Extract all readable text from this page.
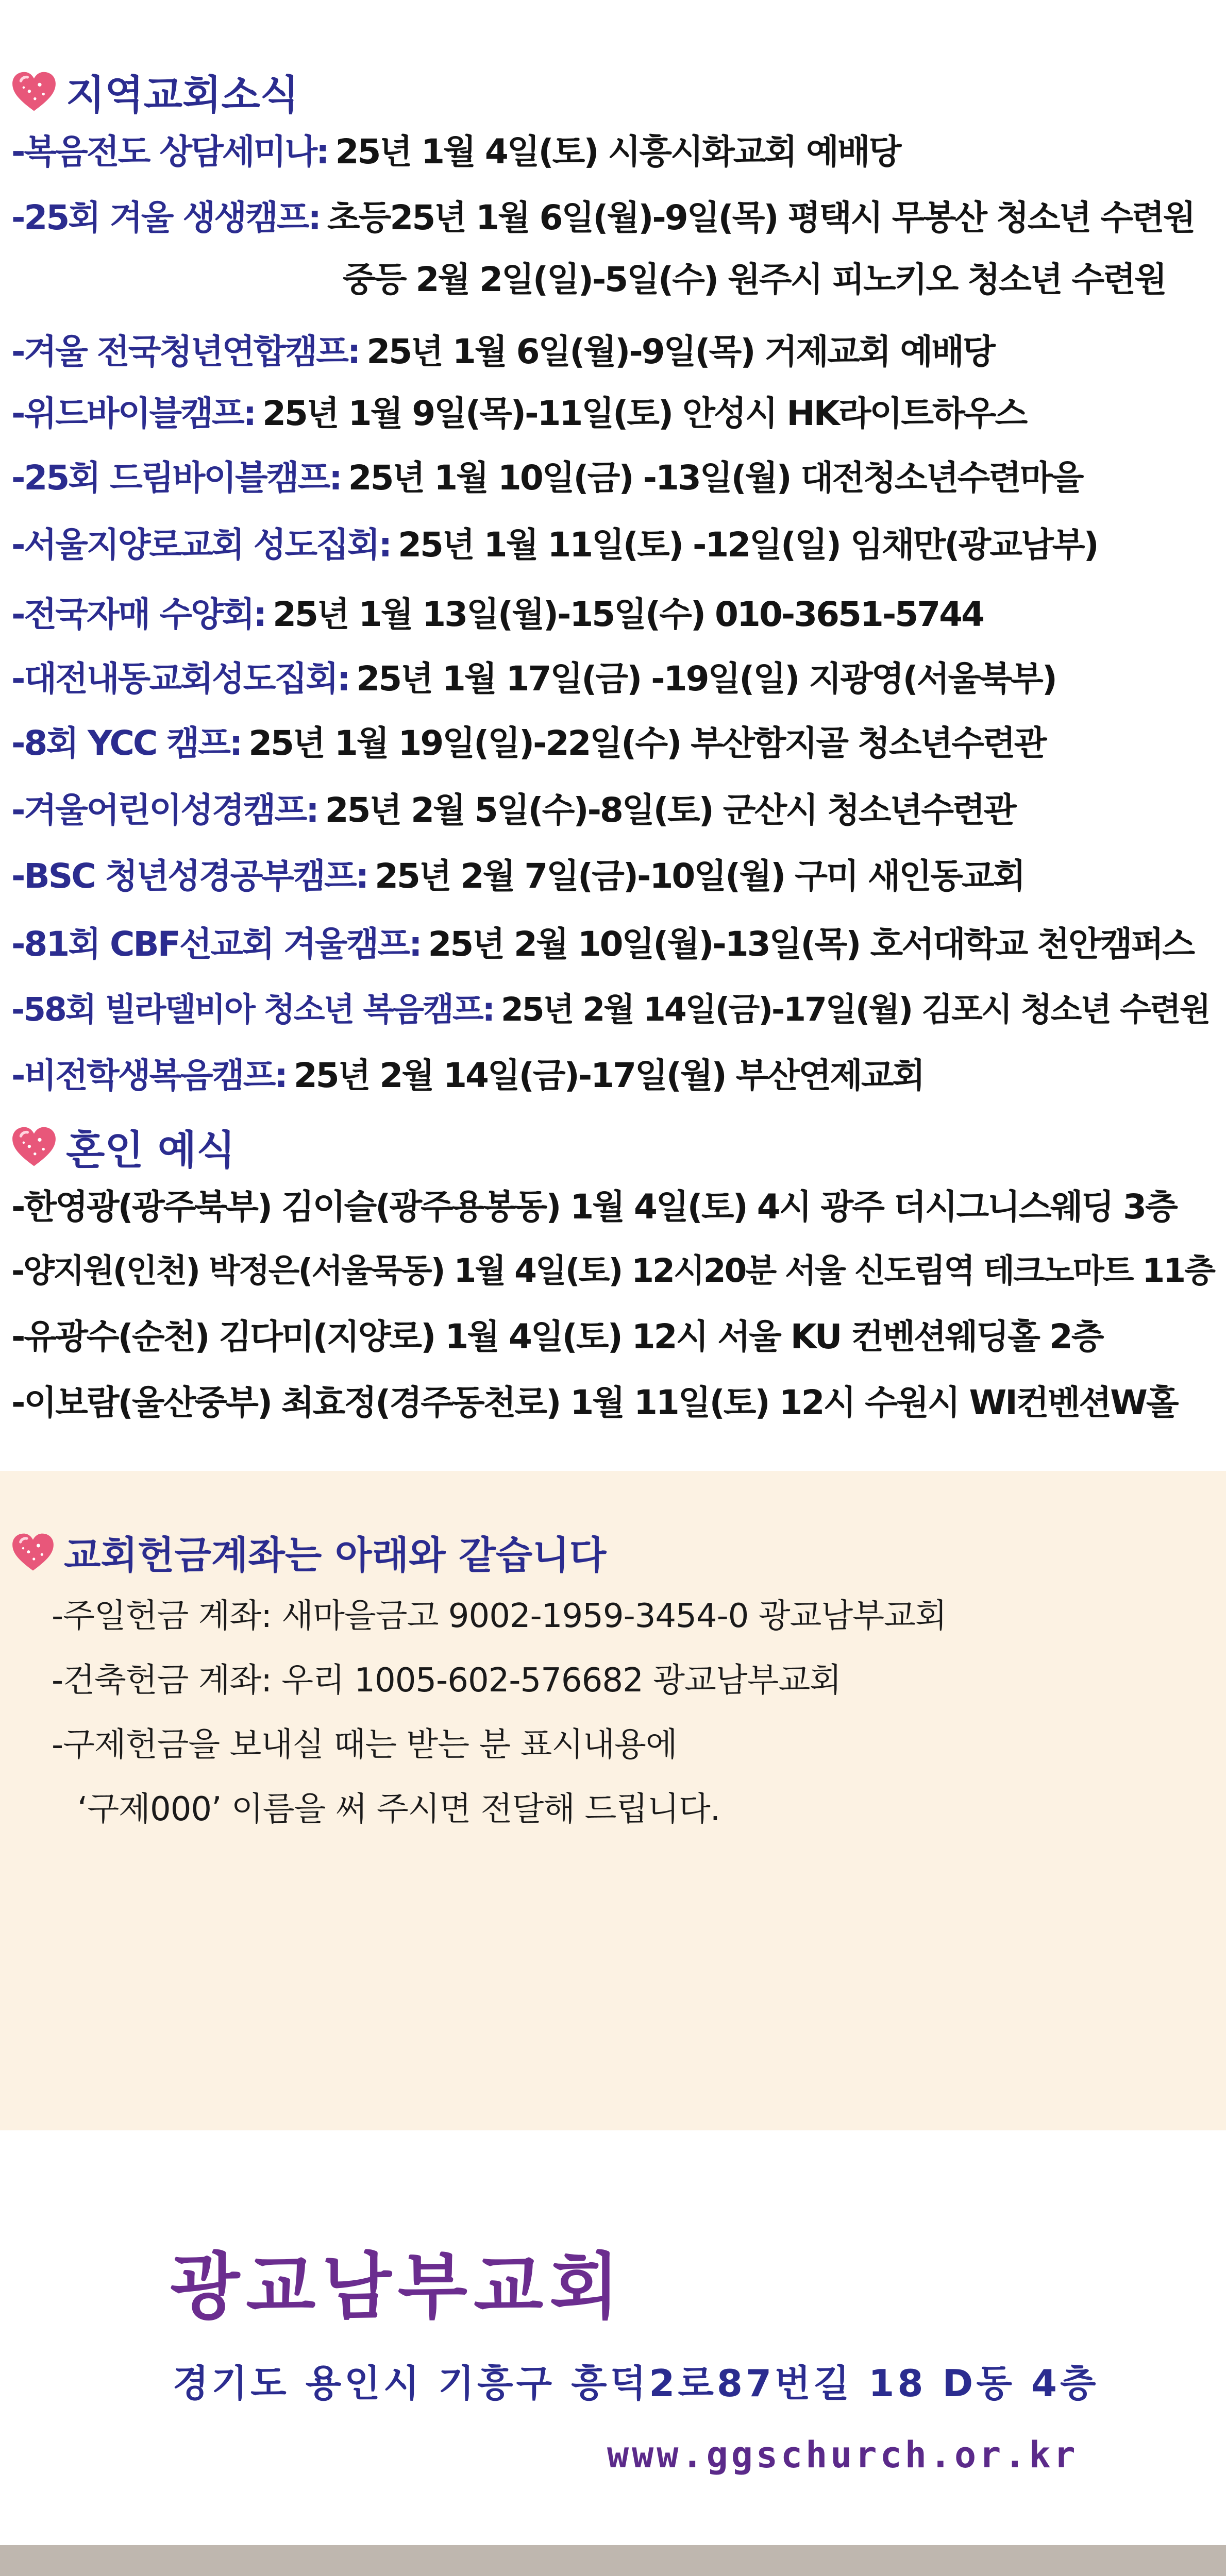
지역교회소식
-복음전도 상담세미나: 25년 1월 4일(토) 시흥시화교회 예배당
-25회 겨울 생생캠프: 초등25년 1월 6일(월)-9일(목) 평택시 무봉산 청소년 수련원
중등 2월 2일(일)-5일(수) 원주시 피노키오 청소년 수련원
-겨울 전국청년연합캠프: 25년 1월 6일(월)-9일(목) 거제교회 예배당
-위드바이블캠프: 25년 1월 9일(목)-11일(토) 안성시 HK라이트하우스
-25회 드림바이블캠프: 25년 1월 10일(금) -13일(월) 대전청소년수련마을
-서울지양로교회 성도집회: 25년 1월 11일(토) -12일(일) 임채만(광교남부)
-전국자매 수양회: 25년 1월 13일(월)-15일(수) 010-3651-5744
-대전내동교회성도집회: 25년 1월 17일(금) -19일(일) 지광영(서울북부)
-8회 YCC 캠프: 25년 1월 19일(일)-22일(수) 부산함지골 청소년수련관
-겨울어린이성경캠프: 25년 2월 5일(수)-8일(토) 군산시 청소년수련관
-BSC 청년성경공부캠프: 25년 2월 7일(금)-10일(월) 구미 새인동교회
-81회 CBF선교회 겨울캠프: 25년 2월 10일(월)-13일(목) 호서대학교 천안캠퍼스
-58회 빌라델비아 청소년 복음캠프: 25년 2월 14일(금)-17일(월) 김포시 청소년 수련원
-비전학생복음캠프: 25년 2월 14일(금)-17일(월) 부산연제교회
혼인 예식
-한영광(광주북부) 김이슬(광주용봉동) 1월 4일(토) 4시 광주 더시그니스웨딩 3층
-양지원(인천) 박정은(서울묵동) 1월 4일(토) 12시20분 서울 신도림역 테크노마트 11층
-유광수(순천) 김다미(지양로) 1월 4일(토) 12시 서울 KU 컨벤션웨딩홀 2층
-이보람(울산중부) 최효정(경주동천로) 1월 11일(토) 12시 수원시 WI컨벤션W홀
교회헌금계좌는 아래와 같습니다
-주일헌금 계좌: 새마을금고 9002-1959-3454-0 광교남부교회
-건축헌금 계좌: 우리 1005-602-576682 광교남부교회
-구제헌금을 보내실 때는 받는 분 표시내용에
‘구제000’ 이름을 써 주시면 전달해 드립니다.
광교남부교회
경기도 용인시 기흥구 흥덕2로87번길 18 D동 4층
www.ggschurch.or.kr
